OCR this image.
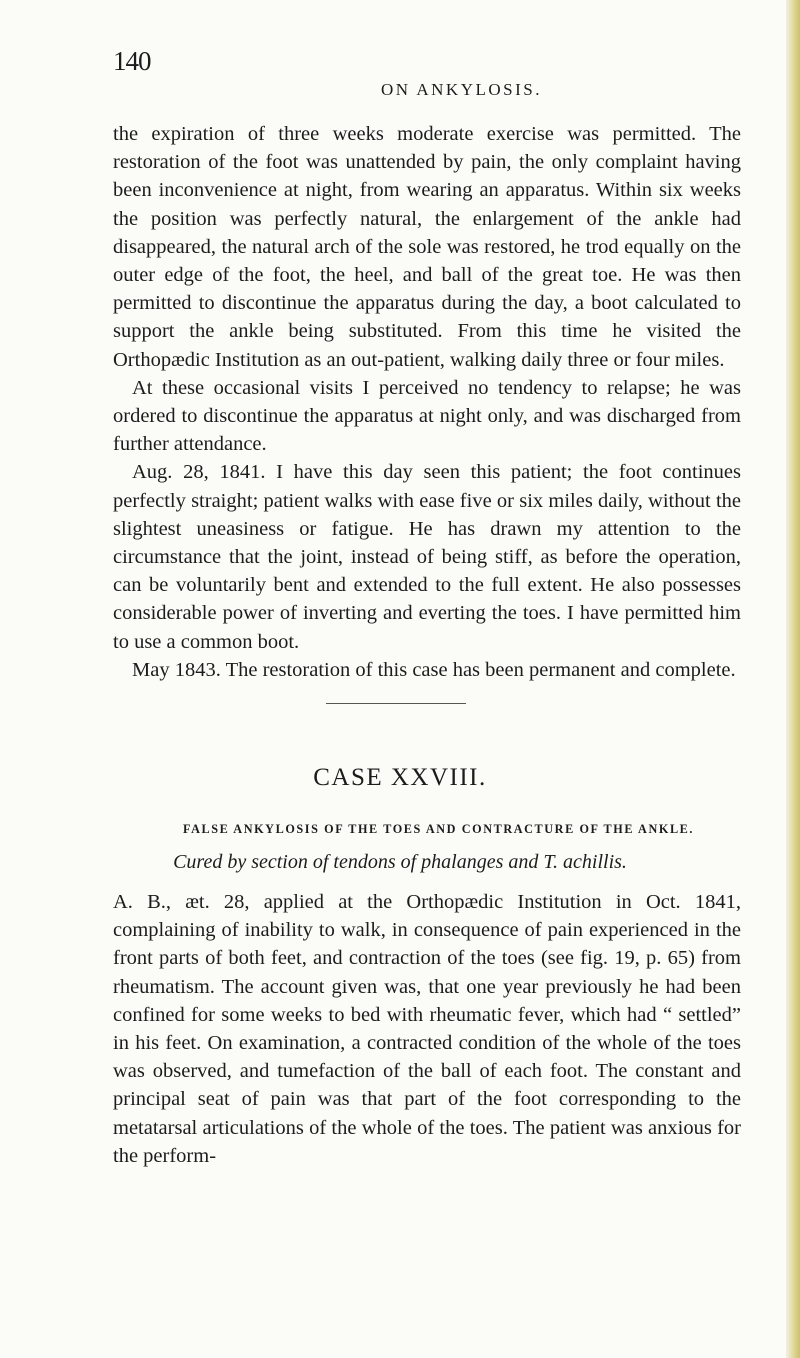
140

ON ANKYLOSIS.

the expiration of three weeks moderate exercise was permitted. The restoration of the foot was unattended by pain, the only complaint having been inconvenience at night, from wearing an apparatus. Within six weeks the position was perfectly natural, the enlargement of the ankle had disappeared, the natural arch of the sole was restored, he trod equally on the outer edge of the foot, the heel, and ball of the great toe. He was then permitted to discontinue the apparatus during the day, a boot calculated to support the ankle being substituted. From this time he visited the Orthopædic Institution as an out-patient, walking daily three or four miles.

At these occasional visits I perceived no tendency to relapse; he was ordered to discontinue the apparatus at night only, and was discharged from further attendance.

Aug. 28, 1841. I have this day seen this patient; the foot continues perfectly straight; patient walks with ease five or six miles daily, without the slightest uneasiness or fatigue. He has drawn my attention to the circumstance that the joint, instead of being stiff, as before the operation, can be voluntarily bent and extended to the full extent. He also possesses considerable power of inverting and everting the toes. I have permitted him to use a common boot.

May 1843. The restoration of this case has been permanent and complete.

CASE XXVIII.

FALSE ANKYLOSIS OF THE TOES AND CONTRACTURE OF THE ANKLE.

Cured by section of tendons of phalanges and T. achillis.

A. B., æt. 28, applied at the Orthopædic Institution in Oct. 1841, complaining of inability to walk, in consequence of pain experienced in the front parts of both feet, and contraction of the toes (see fig. 19, p. 65) from rheumatism. The account given was, that one year previously he had been confined for some weeks to bed with rheumatic fever, which had “ settled” in his feet. On examination, a contracted condition of the whole of the toes was observed, and tumefaction of the ball of each foot. The constant and principal seat of pain was that part of the foot corresponding to the metatarsal articulations of the whole of the toes. The patient was anxious for the perform-
